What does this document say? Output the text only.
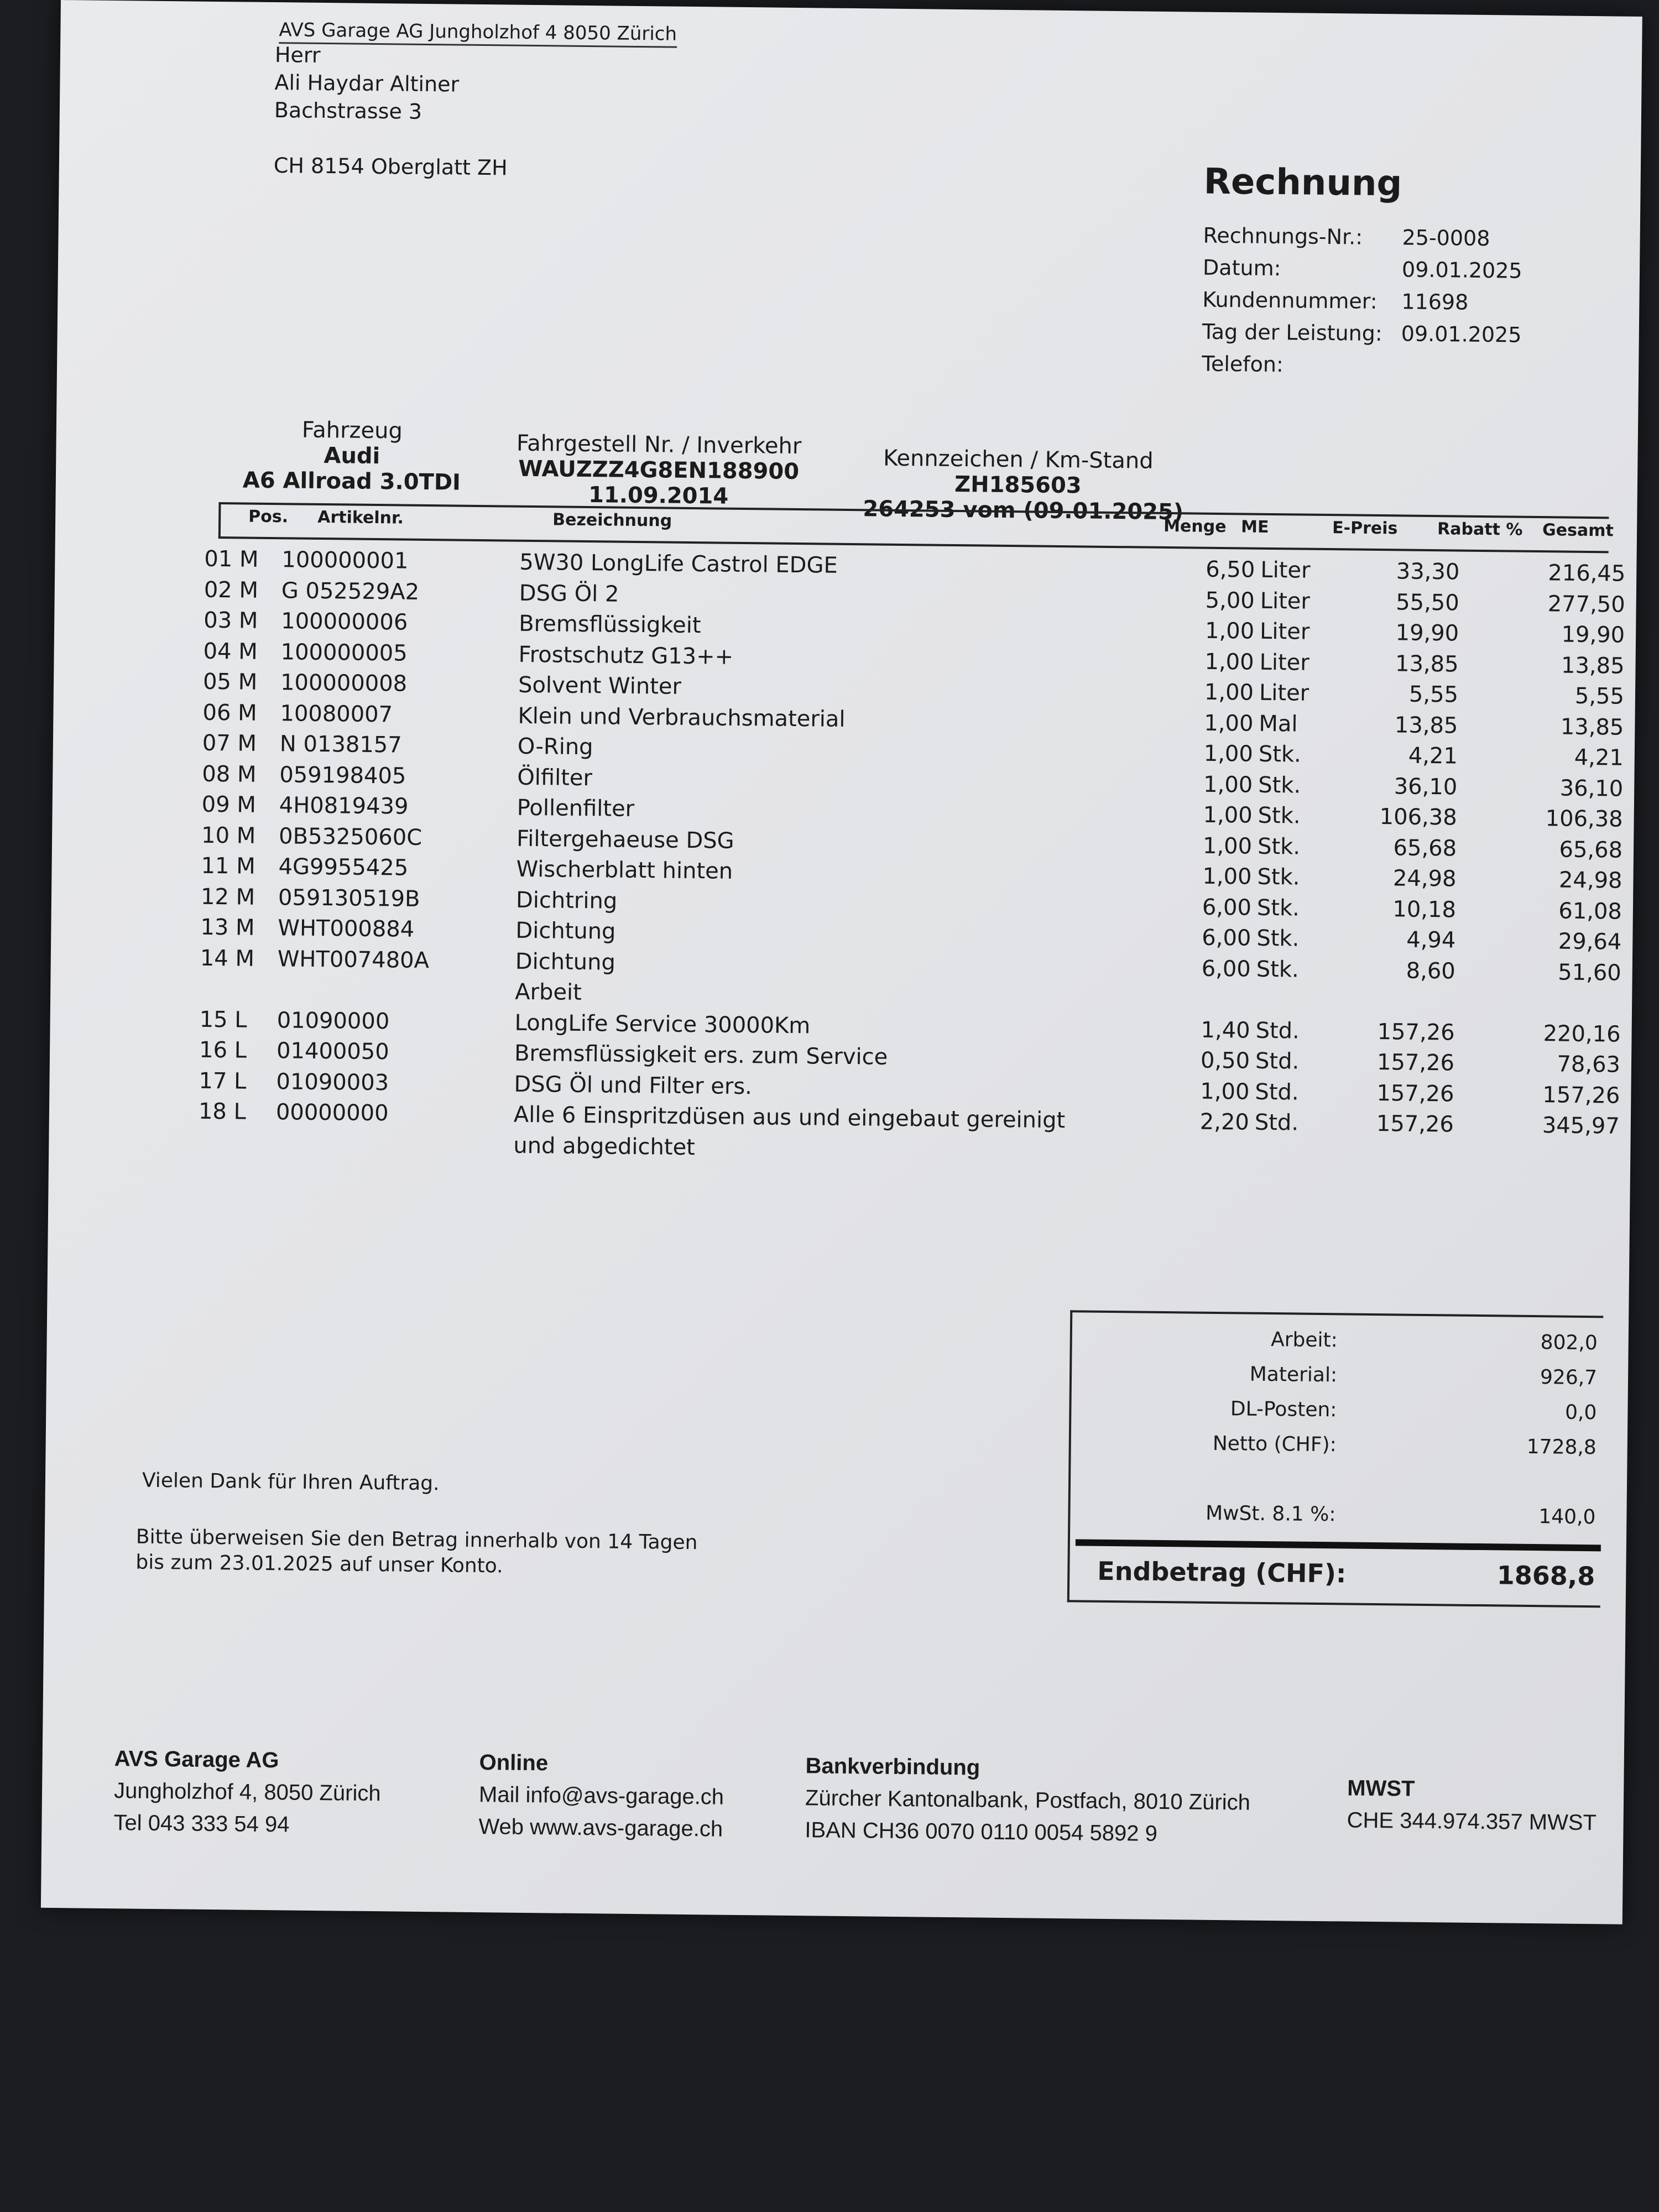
AVS Garage AG Jungholzhof 4 8050 Zürich
Herr
Ali Haydar Altiner
Bachstrasse 3
CH 8154 Oberglatt ZH	Rechnung
Rechnungs-Nr.: 25-0008
Datum:	09.01.2025
Kundennummer: 11698
Tag der Leistung: 09.01.2025
Telefon:
Fahrzeug
Audi
A6 Allroad 3.0TDI
Fahrgestell Nr. / Inverkehr
WAUZZZ4G8EN188900
11.09.2014
Kennzeichen / Km-Stand
ZH185603
264253 vom (09.01.2025)
Pos. Artikelnr.	Bezeichnung	Menge ME	E-Preis Rabatt % Gesamt
01 M 100000001	5W30 LongLife Castrol EDGE	6,50 Liter	33,30	216,45
02 M G 052529A2	DSG Öl 2	5,00 Liter	55,50	277,50
03 M 100000006	Bremsflüssigkeit	1,00 Liter	19,90	19,90
04 M 100000005	Frostschutz G13++	1,00 Liter	13,85	13,85
05 M 100000008	Solvent Winter	1,00 Liter	5,55	5,55
06 M 10080007	Klein und Verbrauchsmaterial	1,00 Mal	13,85	13,85
07 M N 0138157	O-Ring	1,00 Stk.	4,21	4,21
08 M 059198405	Ölfilter	1,00 Stk.	36,10	36,10
09 M 4H0819439	Pollenfilter	1,00 Stk.	106,38	106,38
10 M 0B5325060C	Filtergehaeuse DSG	1,00 Stk.	65,68	65,68
11 M 4G9955425	Wischerblatt hinten	1,00 Stk.	24,98	24,98
12 M 059130519B	Dichtring	6,00 Stk.	10,18	61,08
13 M WHT000884	Dichtung	6,00 Stk.	4,94	29,64
14 M WHT007480A	Dichtung	6,00 Stk.	8,60	51,60
Arbeit
15 L	01090000	LongLife Service 30000Km	1,40 Std.	157,26	220,16
16 L	01400050	Bremsflüssigkeit ers. zum Service	0,50 Std.	157,26	78,63
17 L	01090003	DSG Öl und Filter ers.	1,00 Std.	157,26	157,26
18 L	00000000	Alle 6 Einspritzdüsen aus und eingebaut gereinigt	2,20 Std.	157,26	345,97
und abgedichtet
Arbeit:	802,0
Material:	926,7
DL-Posten:	0,0
Netto (CHF):	1728,8
MwSt. 8.1 %:	140,0
Endbetrag (CHF):	1868,8
Vielen Dank für Ihren Auftrag.
Bitte überweisen Sie den Betrag innerhalb von 14 Tagen
bis zum 23.01.2025 auf unser Konto.
AVS Garage AG
Jungholzhof 4, 8050 Zürich
Tel 043 333 54 94
Online
Mail info@avs-garage.ch
Web www.avs-garage.ch
Bankverbindung
Zürcher Kantonalbank, Postfach, 8010 Zürich
IBAN CH36 0070 0110 0054 5892 9
MWST
CHE 344.974.357 MWST
